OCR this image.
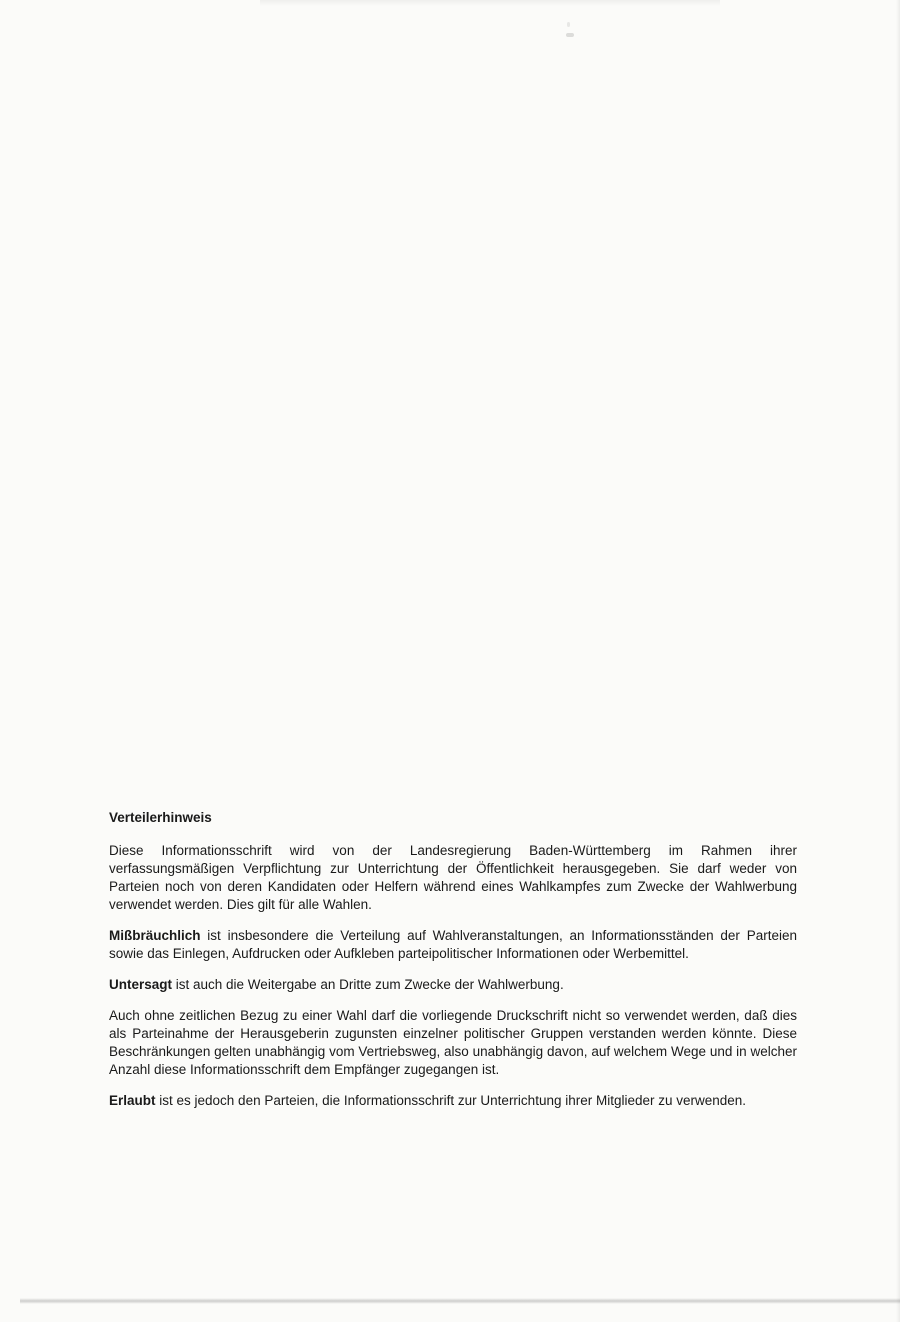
Verteilerhinweis

Diese Informationsschrift wird von der Landesregierung Baden-Württemberg im Rahmen ihrer verfassungsmäßigen Verpflichtung zur Unterrichtung der Öffentlichkeit herausgegeben. Sie darf weder von Parteien noch von deren Kandidaten oder Helfern während eines Wahlkampfes zum Zwecke der Wahlwerbung verwendet werden. Dies gilt für alle Wahlen.

Mißbräuchlich ist insbesondere die Verteilung auf Wahlveranstaltungen, an Informationsständen der Parteien sowie das Einlegen, Aufdrucken oder Aufkleben parteipolitischer Informationen oder Werbemittel.

Untersagt ist auch die Weitergabe an Dritte zum Zwecke der Wahlwerbung.

Auch ohne zeitlichen Bezug zu einer Wahl darf die vorliegende Druckschrift nicht so verwendet werden, daß dies als Parteinahme der Herausgeberin zugunsten einzelner politischer Gruppen verstanden werden könnte. Diese Beschränkungen gelten unabhängig vom Vertriebsweg, also unabhängig davon, auf welchem Wege und in welcher Anzahl diese Informationsschrift dem Empfänger zugegangen ist.

Erlaubt ist es jedoch den Parteien, die Informationsschrift zur Unterrichtung ihrer Mitglieder zu verwenden.
